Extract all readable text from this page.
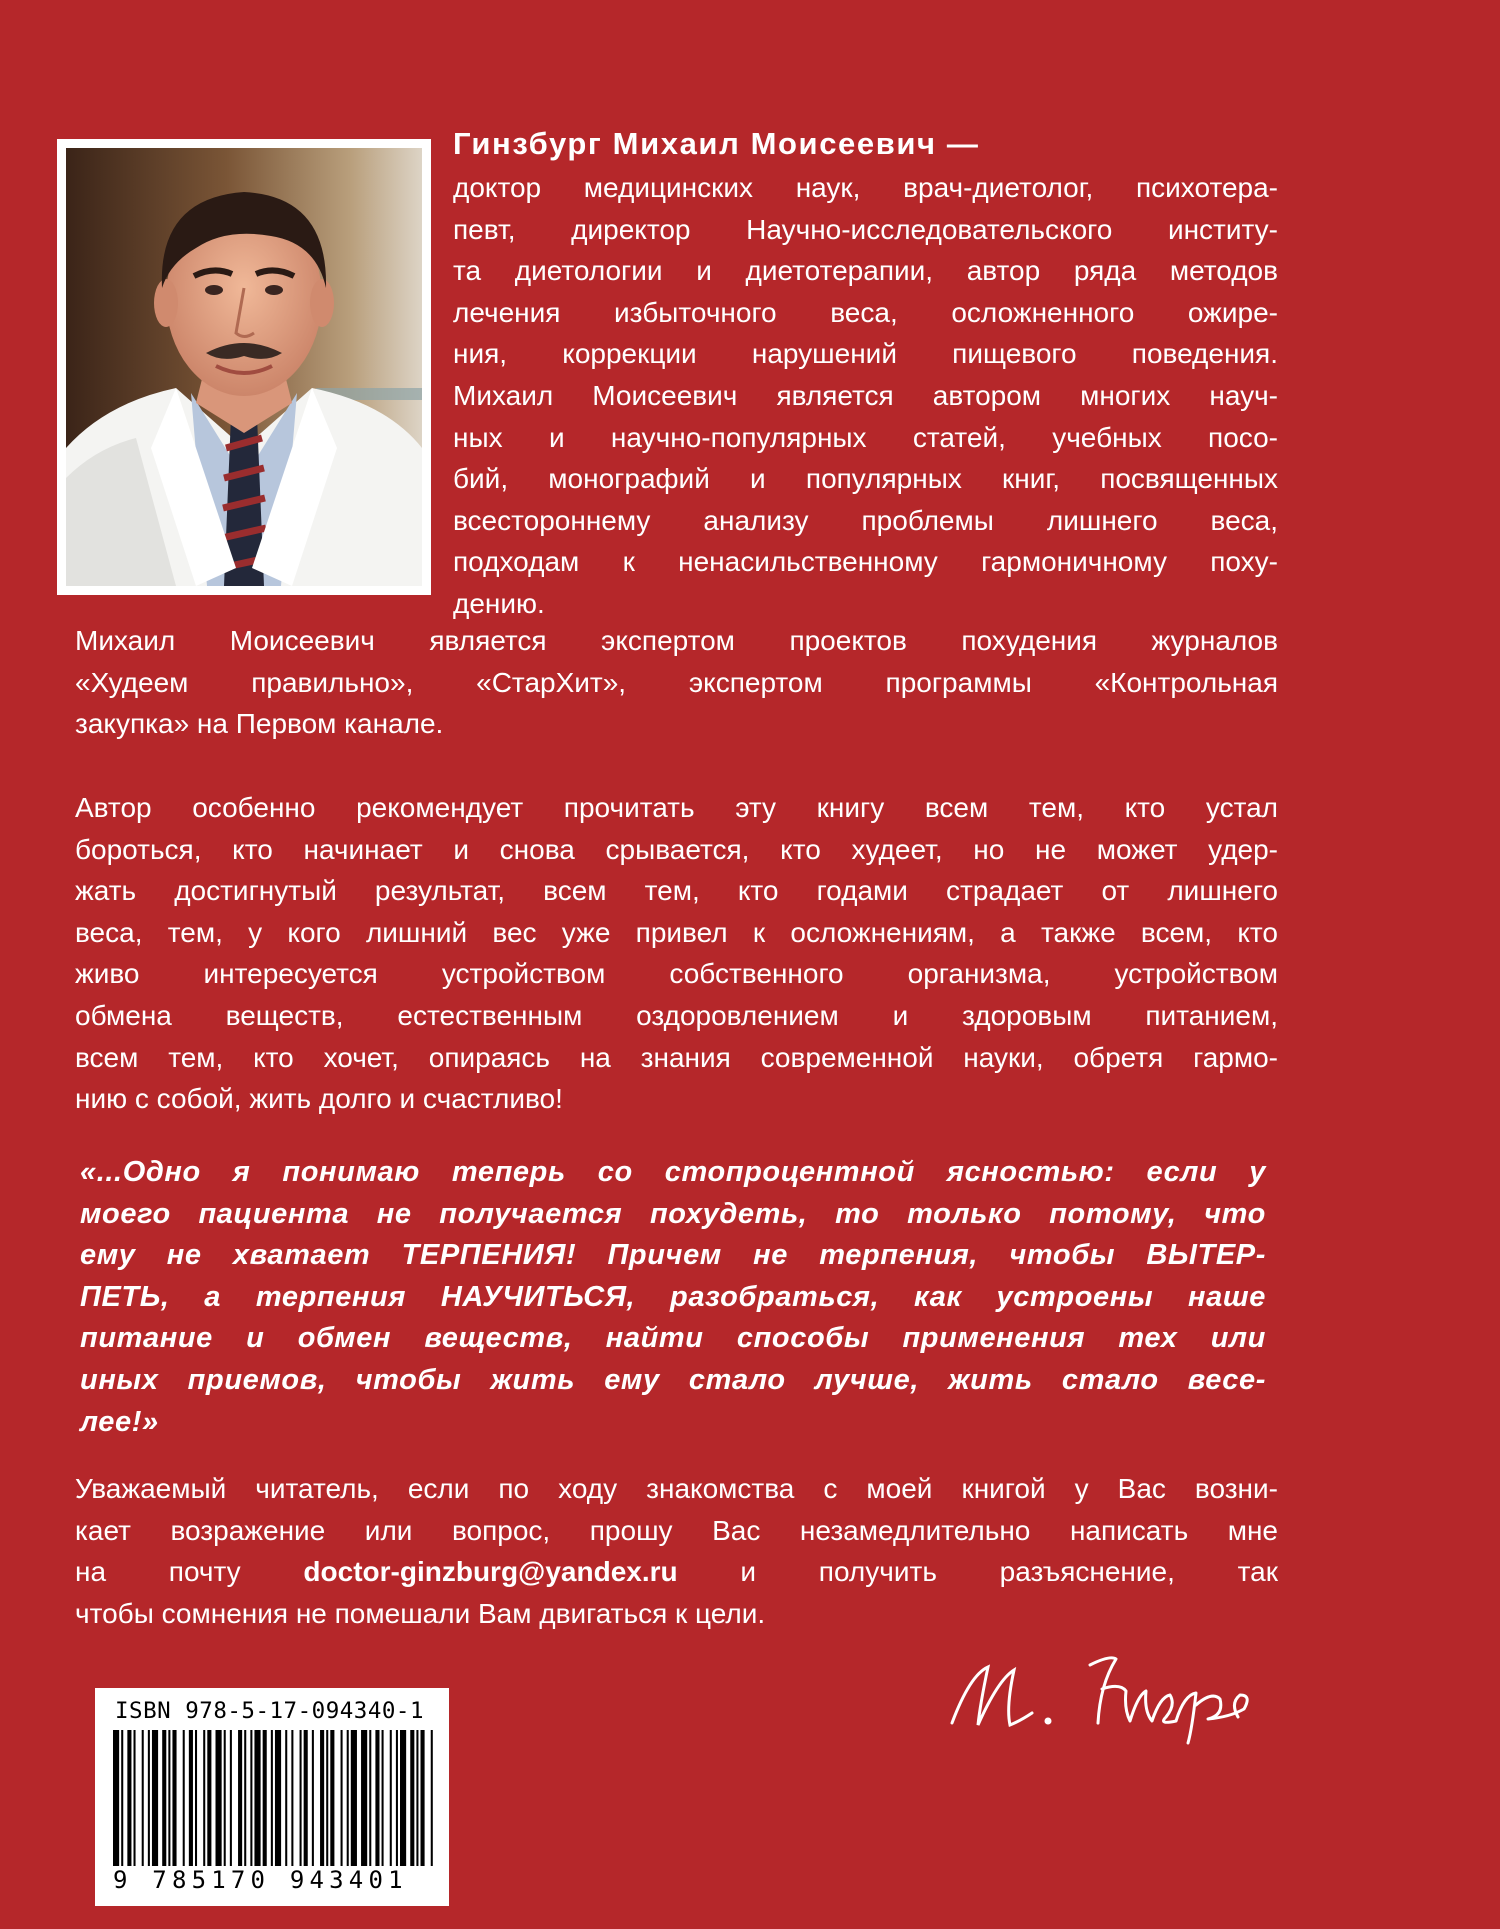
Гинзбург Михаил Моисеевич —
доктор медицинских наук, врач-диетолог, психотера-
певт, директор Научно-исследовательского институ-
та диетологии и диетотерапии, автор ряда методов
лечения избыточного веса, осложненного ожире-
ния, коррекции нарушений пищевого поведения.
Михаил Моисеевич является автором многих науч-
ных и научно-популярных статей, учебных посо-
бий, монографий и популярных книг, посвященных
всестороннему анализу проблемы лишнего веса,
подходам к ненасильственному гармоничному поху-
дению.
Михаил Моисеевич является экспертом проектов похудения журналов
«Худеем правильно», «СтарХит», экспертом программы «Контрольная
закупка» на Первом канале.
Автор особенно рекомендует прочитать эту книгу всем тем, кто устал
бороться, кто начинает и снова срывается, кто худеет, но не может удер-
жать достигнутый результат, всем тем, кто годами страдает от лишнего
веса, тем, у кого лишний вес уже привел к осложнениям, а также всем, кто
живо интересуется устройством собственного организма, устройством
обмена веществ, естественным оздоровлением и здоровым питанием,
всем тем, кто хочет, опираясь на знания современной науки, обретя гармо-
нию с собой, жить долго и счастливо!
«...Одно я понимаю теперь со стопроцентной ясностью: если у
моего пациента не получается похудеть, то только потому, что
ему не хватает ТЕРПЕНИЯ! Причем не терпения, чтобы ВЫТЕР-
ПЕТЬ, а терпения НАУЧИТЬСЯ, разобраться, как устроены наше
питание и обмен веществ, найти способы применения тех или
иных приемов, чтобы жить ему стало лучше, жить стало весе-
лее!»
Уважаемый читатель, если по ходу знакомства с моей книгой у Вас возни-
кает возражение или вопрос, прошу Вас незамедлительно написать мне
на почту doctor-ginzburg@yandex.ru и получить разъяснение, так
чтобы сомнения не помешали Вам двигаться к цели.
ISBN 978-5-17-094340-1
9 785170 943401
